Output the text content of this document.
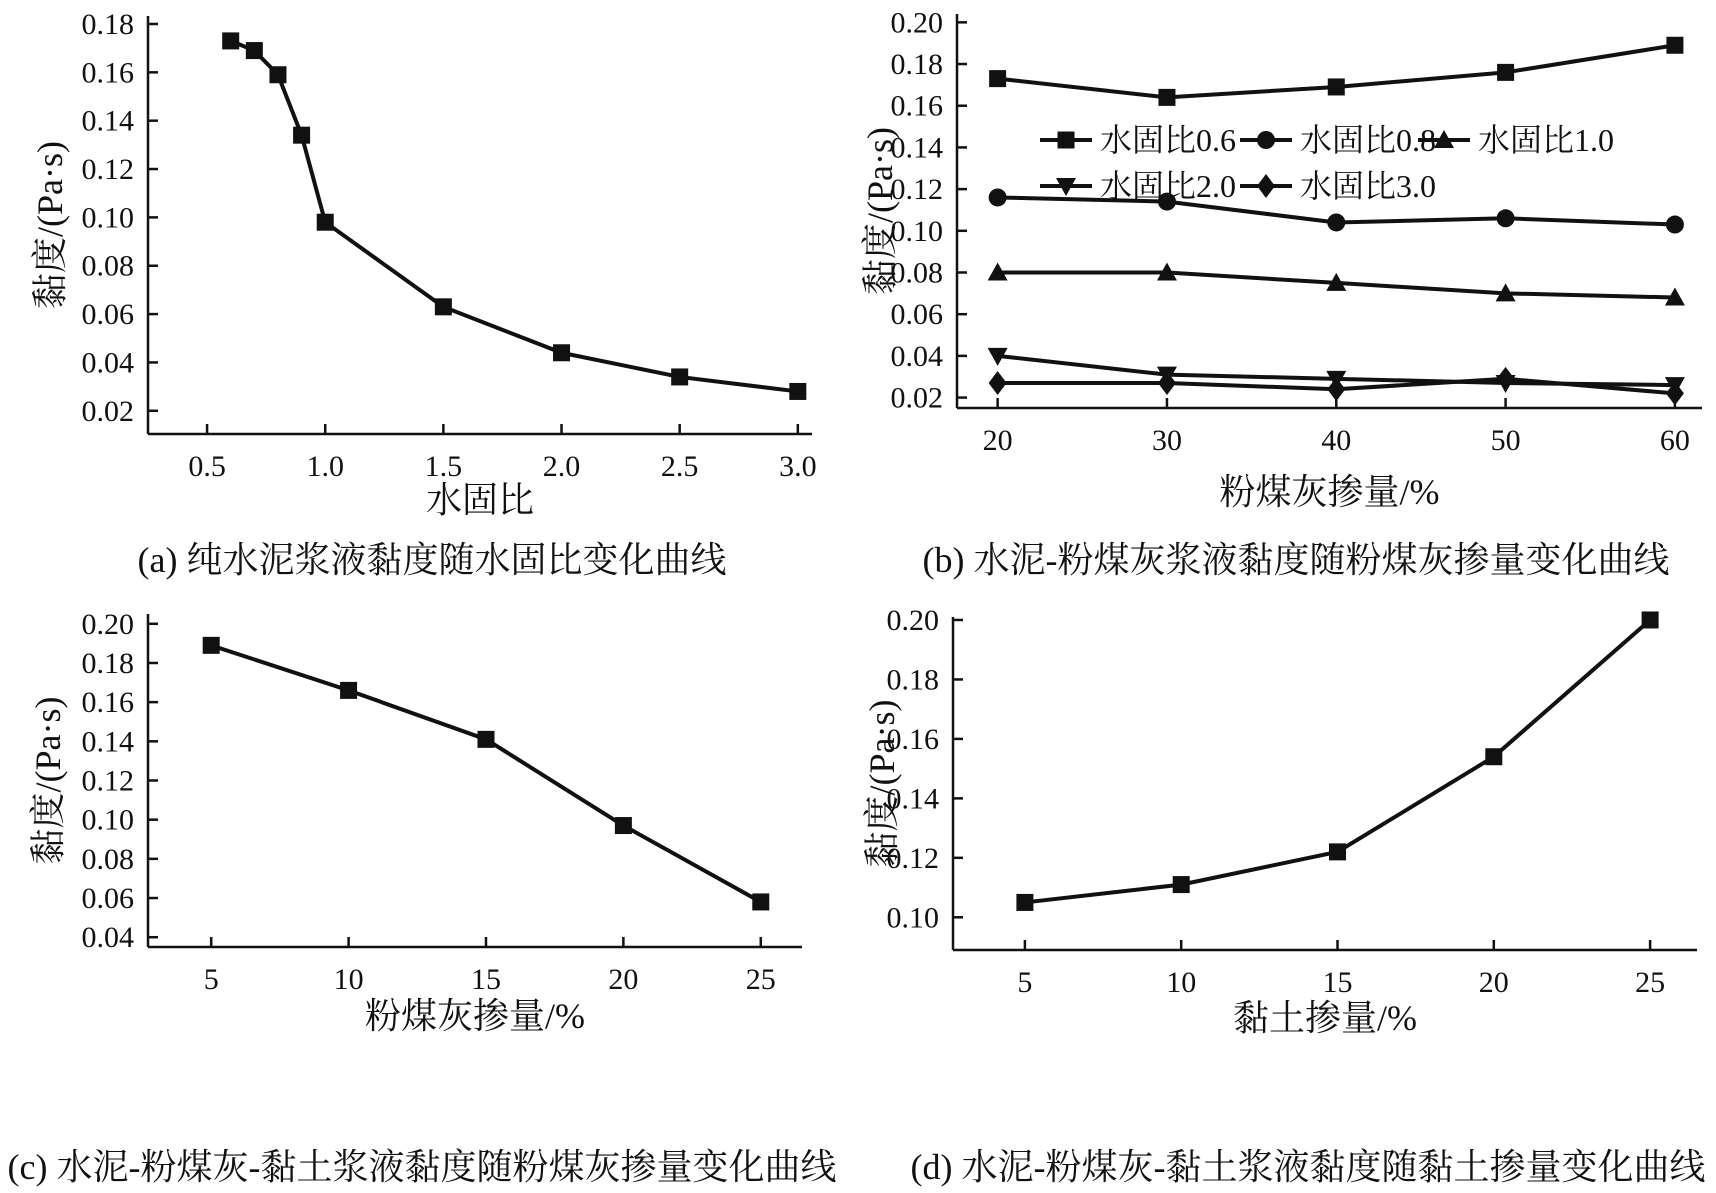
(a) 纯水泥浆液黏度随水固比变化曲线
0.02
0.04
0.06
0.08
0.10
0.12
0.14
0.16
0.18
0.5	1.0	1.5	2.0	2.5	3.0
水固比
黏度/(Pa·s)
(b) 水泥-粉煤灰浆液黏度随粉煤灰掺量变化曲线
0.02
0.04
0.06
0.08
0.10
0.12
0.14
0.16
0.18
0.20
20	30	40	50	60
粉煤灰掺量/%
黏度/(Pa·s)	水固比0.6 水固比0.8 水固比1.0
水固比2.0 水固比3.0
(c) 水泥-粉煤灰-黏土浆液黏度随粉煤灰掺量变化曲线
0.04
0.06
0.08
0.10
0.12
0.14
0.16
0.18
0.20
5	10	15	20	25
粉煤灰掺量/%
黏度/(Pa·s)
(d) 水泥-粉煤灰-黏土浆液黏度随黏土掺量变化曲线
0.10
0.12
0.14
0.16
0.18
0.20
5	10	15	20	25
黏土掺量/%
黏度/(Pa·s)
